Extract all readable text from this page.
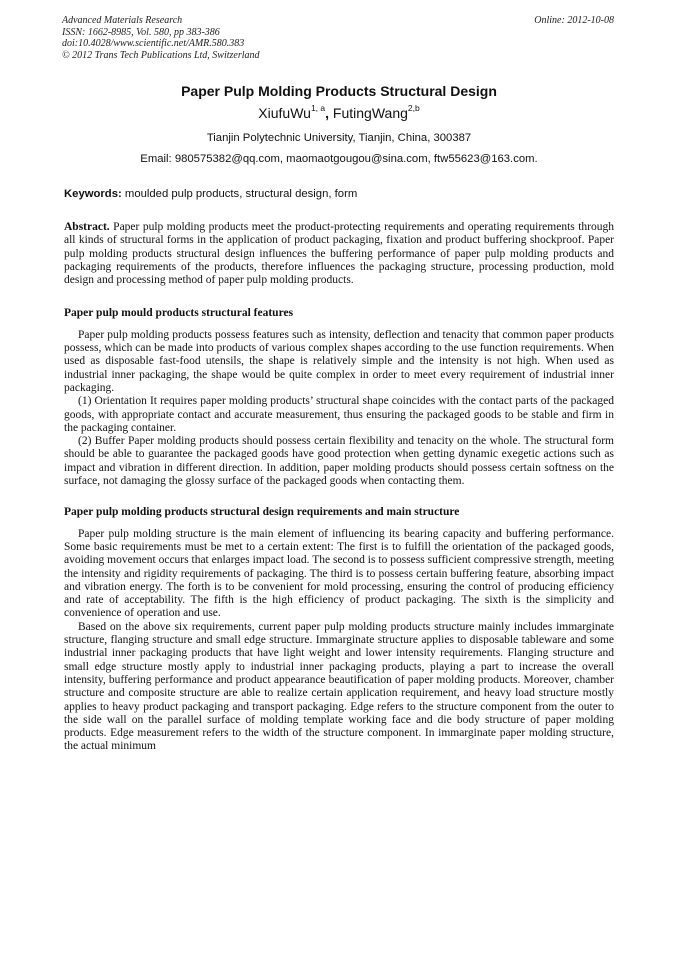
Advanced Materials Research
ISSN: 1662-8985, Vol. 580, pp 383-386
doi:10.4028/www.scientific.net/AMR.580.383
© 2012 Trans Tech Publications Ltd, Switzerland
Online: 2012-10-08
Paper Pulp Molding Products Structural Design
XiufuWu$^{1, a}$, FutingWang$^{2,b}$
Tianjin Polytechnic University, Tianjin, China, 300387
Email: 980575382@qq.com, maomaotgougou@sina.com, ftw55623@163.com.
Keywords: moulded pulp products, structural design, form

Abstract. Paper pulp molding products meet the product-protecting requirements and operating requirements through all kinds of structural forms in the application of product packaging, fixation and product buffering shockproof. Paper pulp molding products structural design influences the buffering performance of paper pulp molding products and packaging requirements of the products, therefore influences the packaging structure, processing production, mold design and processing method of paper pulp molding products.

Paper pulp mould products structural features

Paper pulp molding products possess features such as intensity, deflection and tenacity that common paper products possess, which can be made into products of various complex shapes according to the use function requirements. When used as disposable fast-food utensils, the shape is relatively simple and the intensity is not high. When used as industrial inner packaging, the shape would be quite complex in order to meet every requirement of industrial inner packaging.

(1) Orientation It requires paper molding products’ structural shape coincides with the contact parts of the packaged goods, with appropriate contact and accurate measurement, thus ensuring the packaged goods to be stable and firm in the packaging container.

(2) Buffer Paper molding products should possess certain flexibility and tenacity on the whole. The structural form should be able to guarantee the packaged goods have good protection when getting dynamic exegetic actions such as impact and vibration in different direction. In addition, paper molding products should possess certain softness on the surface, not damaging the glossy surface of the packaged goods when contacting them.

Paper pulp molding products structural design requirements and main structure

Paper pulp molding structure is the main element of influencing its bearing capacity and buffering performance. Some basic requirements must be met to a certain extent: The first is to fulfill the orientation of the packaged goods, avoiding movement occurs that enlarges impact load. The second is to possess sufficient compressive strength, meeting the intensity and rigidity requirements of packaging. The third is to possess certain buffering feature, absorbing impact and vibration energy. The forth is to be convenient for mold processing, ensuring the control of producing efficiency and rate of acceptability. The fifth is the high efficiency of product packaging. The sixth is the simplicity and convenience of operation and use.

Based on the above six requirements, current paper pulp molding products structure mainly includes immarginate structure, flanging structure and small edge structure. Immarginate structure applies to disposable tableware and some industrial inner packaging products that have light weight and lower intensity requirements. Flanging structure and small edge structure mostly apply to industrial inner packaging products, playing a part to increase the overall intensity, buffering performance and product appearance beautification of paper molding products. Moreover, chamber structure and composite structure are able to realize certain application requirement, and heavy load structure mostly applies to heavy product packaging and transport packaging. Edge refers to the structure component from the outer to the side wall on the parallel surface of molding template working face and die body structure of paper molding products. Edge measurement refers to the width of the structure component. In immarginate paper molding structure, the actual minimum
